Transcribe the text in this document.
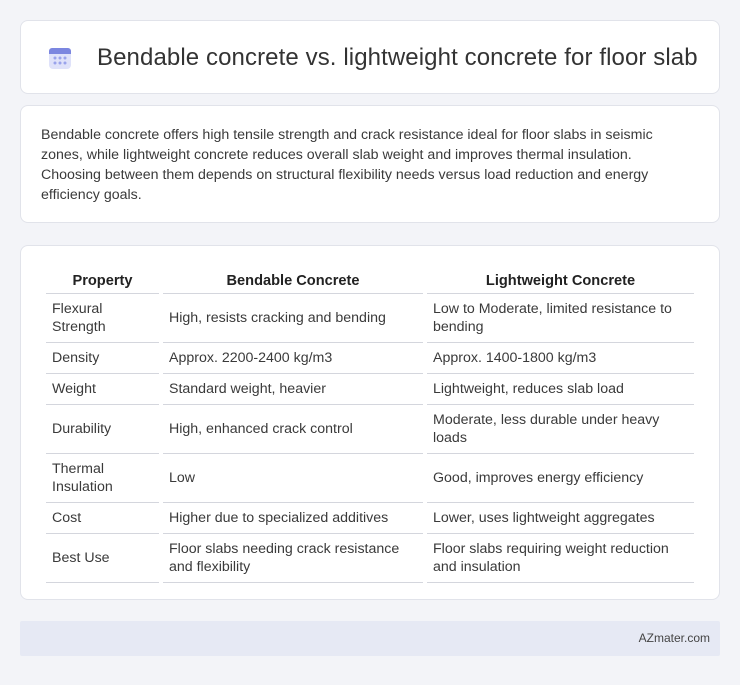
Bendable concrete vs. lightweight concrete for floor slab

Bendable concrete offers high tensile strength and crack resistance ideal for floor slabs in seismic zones, while lightweight concrete reduces overall slab weight and improves thermal insulation. Choosing between them depends on structural flexibility needs versus load reduction and energy efficiency goals.

Property	Bendable Concrete	Lightweight Concrete
Flexural Strength	High, resists cracking and bending	Low to Moderate, limited resistance to bending
Density	Approx. 2200-2400 kg/m3	Approx. 1400-1800 kg/m3
Weight	Standard weight, heavier	Lightweight, reduces slab load
Durability	High, enhanced crack control	Moderate, less durable under heavy loads
Thermal Insulation	Low	Good, improves energy efficiency
Cost	Higher due to specialized additives	Lower, uses lightweight aggregates
Best Use	Floor slabs needing crack resistance and flexibility	Floor slabs requiring weight reduction and insulation
AZmater.com
